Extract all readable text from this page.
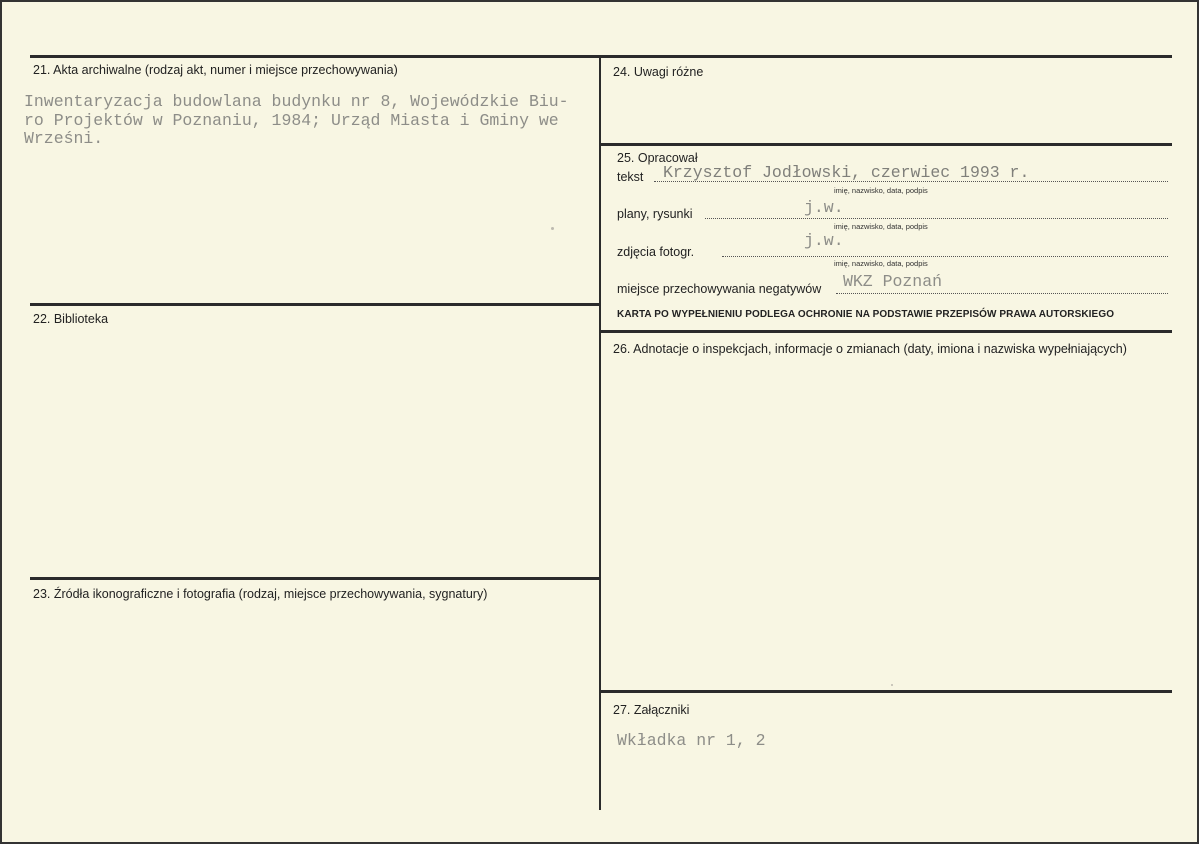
21. Akta archiwalne (rodzaj akt, numer i miejsce przechowywania)
Inwentaryzacja budowlana budynku nr 8, Wojewódzkie Biu-
ro Projektów w Poznaniu, 1984; Urząd Miasta i Gminy we
Wrześni.
22. Biblioteka
23. Źródła ikonograficzne i fotografia (rodzaj, miejsce przechowywania, sygnatury)
24. Uwagi różne
25. Opracował
tekst Krzysztof Jodłowski, czerwiec 1993 r.
imię, nazwisko, data, podpis
plany, rysunki	j.w.
imię, nazwisko, data, podpis
zdjęcia fotogr.
j.w.
imię, nazwisko, data, podpis
miejsce przechowywania negatywów WKZ Poznań
KARTA PO WYPEŁNIENIU PODLEGA OCHRONIE NA PODSTAWIE PRZEPISÓW PRAWA AUTORSKIEGO
26. Adnotacje o inspekcjach, informacje o zmianach (daty, imiona i nazwiska wypełniających)
27. Załączniki
Wkładka nr 1, 2
